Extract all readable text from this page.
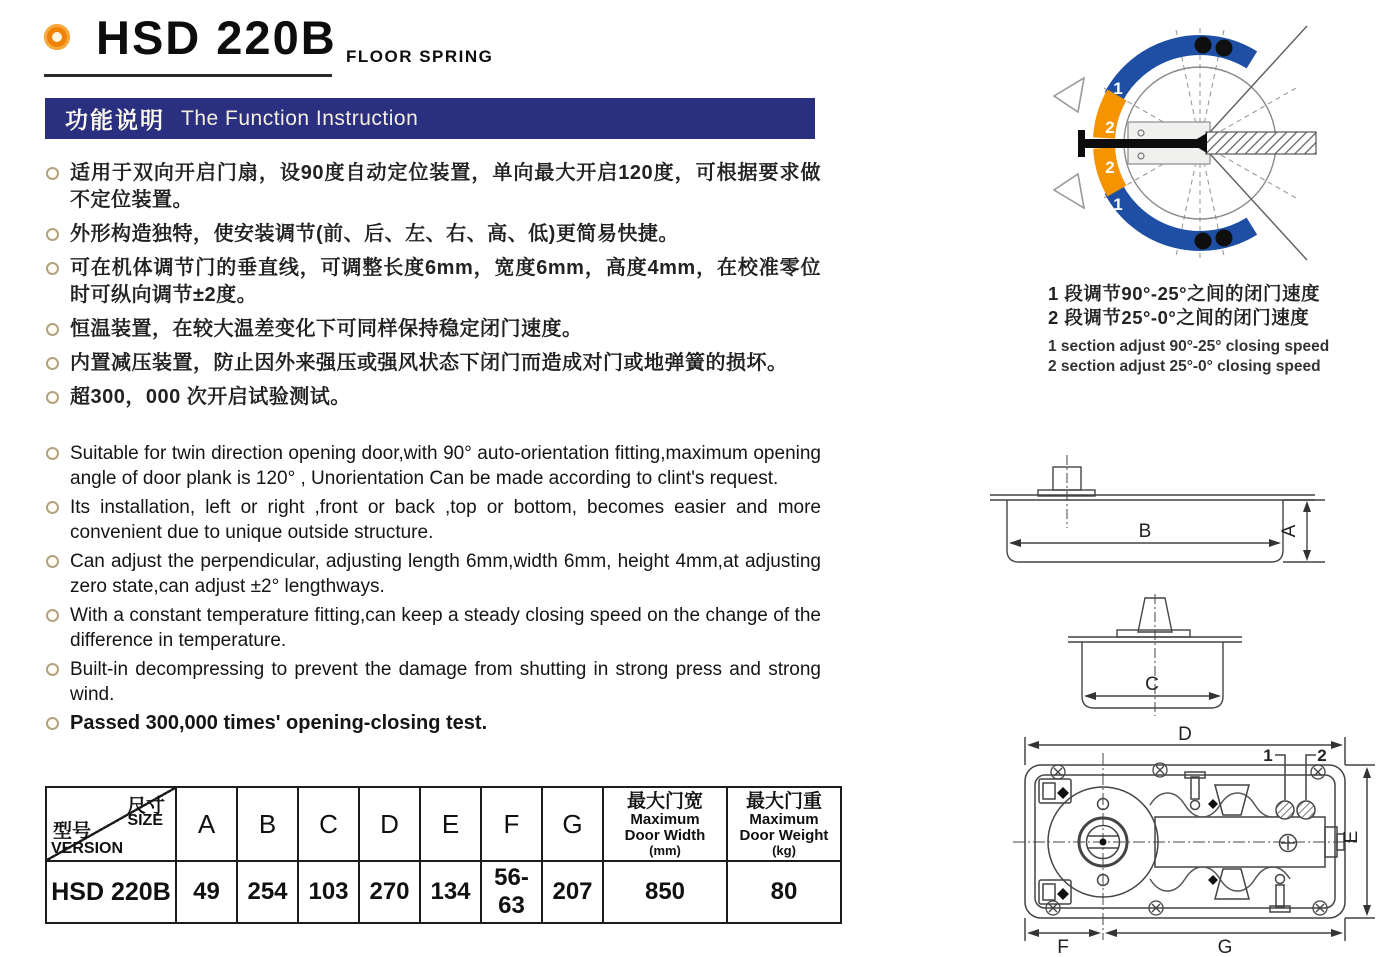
HSD 220B FLOOR SPRING
功能说明 The Function Instruction
适用于双向开启门扇，设90度自动定位装置，单向最大开启120度，可根据要求做不定位装置。
外形构造独特，使安装调节(前、后、左、右、高、低)更简易快捷。
可在机体调节门的垂直线，可调整长度6mm，宽度6mm，高度4mm，在校准零位时可纵向调节±2度。
恒温装置，在较大温差变化下可同样保持稳定闭门速度。
内置减压装置，防止因外来强压或强风状态下闭门而造成对门或地弹簧的损坏。
超300，000 次开启试验测试。
Suitable for twin direction opening door,with 90° auto-orientation fitting,maximum opening angle of door plank is 120° , Unorientation Can be made according to clint's request.
Its installation, left or right ,front or back ,top or bottom, becomes easier and more convenient due to unique outside structure.
Can adjust the perpendicular, adjusting length 6mm,width 6mm, height 4mm,at adjusting zero state,can adjust ±2° lengthways.
With a constant temperature fitting,can keep a steady closing speed on the change of the difference in temperature.
Built-in decompressing to prevent the damage from shutting in strong press and strong wind.
Passed 300,000 times' opening-closing test.
1
1
2
2
1 段调节90°-25°之间的闭门速度
2 段调节25°-0°之间的闭门速度
1 section adjust 90°-25° closing speed
2 section adjust 25°-0° closing speed
B	A
C
D
E
F	G
1	2
尺寸
SIZE
型号
VERSION	A	B	C	D	E	F	G	最大门宽
Maximum
Door Width
(mm)	最大门重
Maximum
Door Weight
(kg)

HSD 220B	49	254	103	270	134	56-63	207	850	80
